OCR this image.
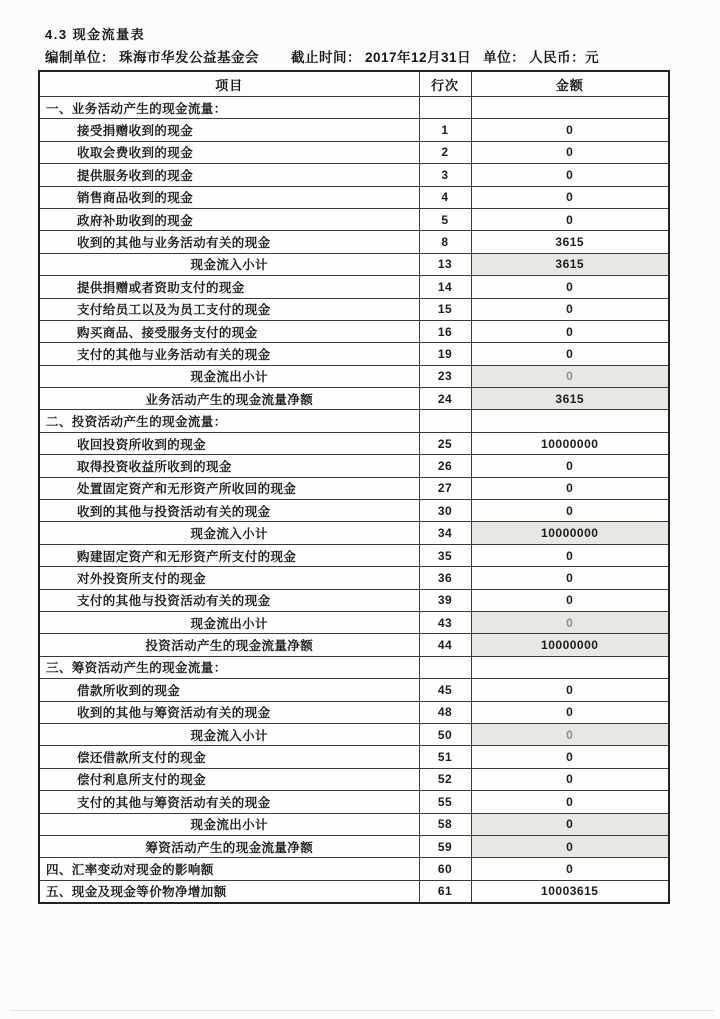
4.3 现金流量表
编制单位： 珠海市华发公益基金会 截止时间： 2017年12月31日 单位： 人民币：元
项目	行次	金额
一、业务活动产生的现金流量：		
接受捐赠收到的现金	1	0
收取会费收到的现金	2	0
提供服务收到的现金	3	0
销售商品收到的现金	4	0
政府补助收到的现金	5	0
收到的其他与业务活动有关的现金	8	3615
现金流入小计	13	3615
提供捐赠或者资助支付的现金	14	0
支付给员工以及为员工支付的现金	15	0
购买商品、接受服务支付的现金	16	0
支付的其他与业务活动有关的现金	19	0
现金流出小计	23	0
业务活动产生的现金流量净额	24	3615
二、投资活动产生的现金流量：		
收回投资所收到的现金	25	10000000
取得投资收益所收到的现金	26	0
处置固定资产和无形资产所收回的现金	27	0
收到的其他与投资活动有关的现金	30	0
现金流入小计	34	10000000
购建固定资产和无形资产所支付的现金	35	0
对外投资所支付的现金	36	0
支付的其他与投资活动有关的现金	39	0
现金流出小计	43	0
投资活动产生的现金流量净额	44	10000000
三、筹资活动产生的现金流量：		
借款所收到的现金	45	0
收到的其他与筹资活动有关的现金	48	0
现金流入小计	50	0
偿还借款所支付的现金	51	0
偿付利息所支付的现金	52	0
支付的其他与筹资活动有关的现金	55	0
现金流出小计	58	0
筹资活动产生的现金流量净额	59	0
四、汇率变动对现金的影响额	60	0
五、现金及现金等价物净增加额	61	10003615
